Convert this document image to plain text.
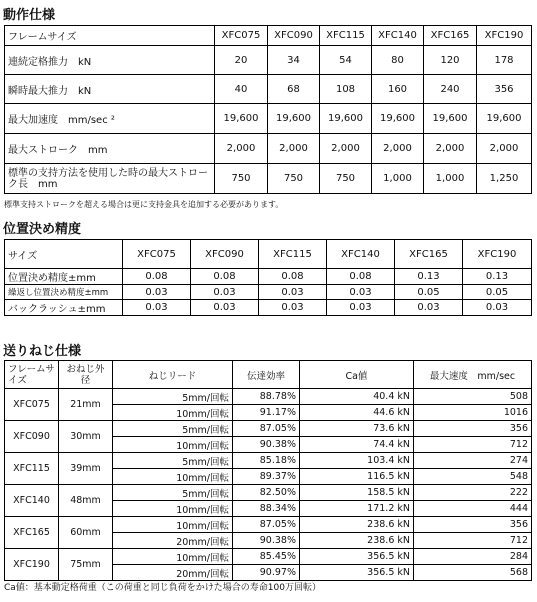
動作仕様
フレームサイズ	XFC075	XFC090	XFC115	XFC140	XFC165	XFC190
連続定格推力　kN	20	34	54	80	120	178
瞬時最大推力　kN	40	68	108	160	240	356
最大加速度　mm/sec ²	19,600	19,600	19,600	19,600	19,600	19,600
最大ストローク　mm	2,000	2,000	2,000	2,000	2,000	2,000
標準の支持方法を使用した時の最大ストローク長　mm	750	750	750	1,000	1,000	1,250
標準支持ストロークを超える場合は更に支持金具を追加する必要があります。
位置決め精度
サイズ	XFC075	XFC090	XFC115	XFC140	XFC165	XFC190
位置決め精度±mm	0.08	0.08	0.08	0.08	0.13	0.13
繰返し位置決め精度±mm	0.03	0.03	0.03	0.03	0.05	0.05
バックラッシュ±mm	0.03	0.03	0.03	0.03	0.03	0.03
送りねじ仕様
フレームサイズ	おねじ外径	ねじリード	伝達効率	Ca値	最大速度　mm/sec
XFC075	21mm	5mm/回転	88.78%	40.4 kN	508
		10mm/回転	91.17%	44.6 kN	1016
XFC090	30mm	5mm/回転	87.05%	73.6 kN	356
		10mm/回転	90.38%	74.4 kN	712
XFC115	39mm	5mm/回転	85.18%	103.4 kN	274
		10mm/回転	89.37%	116.5 kN	548
XFC140	48mm	5mm/回転	82.50%	158.5 kN	222
		10mm/回転	88.34%	171.2 kN	444
XFC165	60mm	10mm/回転	87.05%	238.6 kN	356
		20mm/回転	90.38%	238.6 kN	712
XFC190	75mm	10mm/回転	85.45%	356.5 kN	284
		20mm/回転	90.97%	356.5 kN	568
Ca値：基本動定格荷重（この荷重と同じ負荷をかけた場合の寿命100万回転）
